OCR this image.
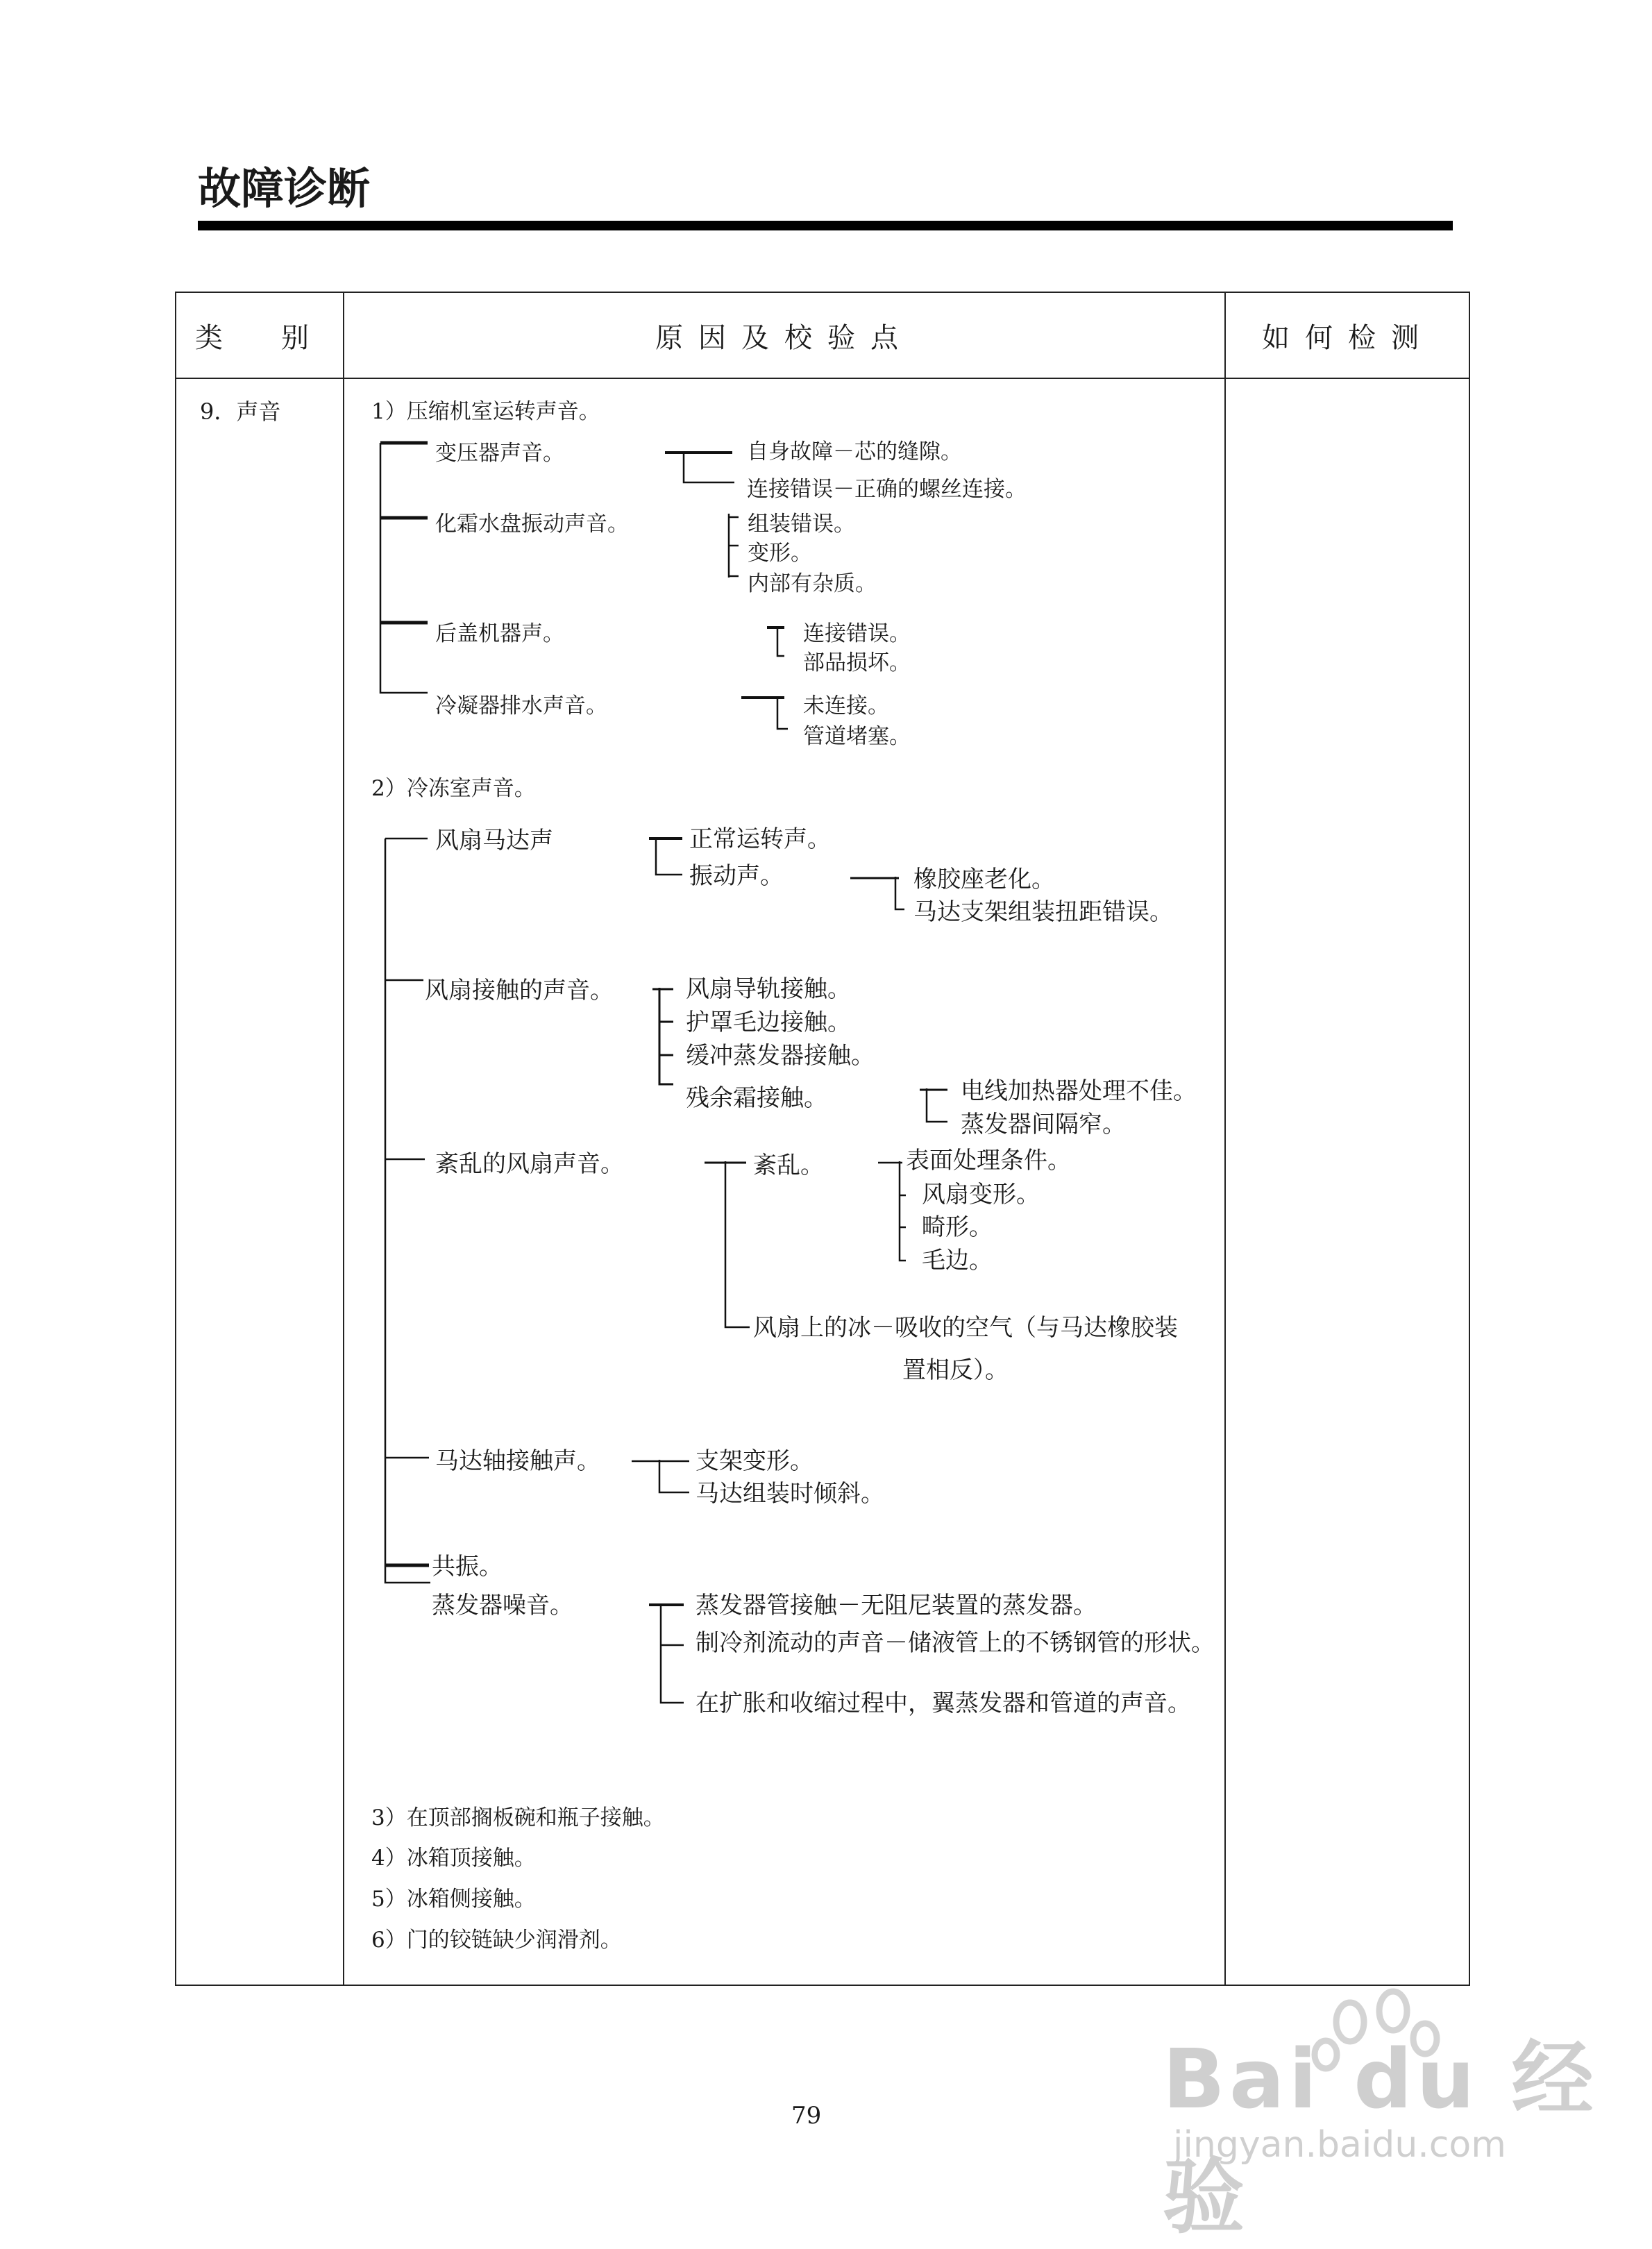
故障诊断
类　别	原因及校验点	如何检测
9．声音	1）压缩机室运转声音。
变压器声音。	自身故障－芯的缝隙。
连接错误－正确的螺丝连接。
化霜水盘振动声音。	组装错误。
变形。
内部有杂质。
后盖机器声。	连接错误。
部品损坏。
冷凝器排水声音。	未连接。
管道堵塞。
2）冷冻室声音。
风扇马达声	正常运转声。
振动声。	橡胶座老化。
马达支架组装扭距错误。
风扇接触的声音。	风扇导轨接触。
护罩毛边接触。
缓冲蒸发器接触。
残余霜接触。	电线加热器处理不佳。
蒸发器间隔窄。
紊乱的风扇声音。	紊乱。	表面处理条件。
风扇变形。
畸形。
毛边。
风扇上的冰－吸收的空气（与马达橡胶装
置相反）。
马达轴接触声。	支架变形。
马达组装时倾斜。
共振。
蒸发器噪音。	蒸发器管接触－无阻尼装置的蒸发器。
制冷剂流动的声音－储液管上的不锈钢管的形状。
在扩胀和收缩过程中，翼蒸发器和管道的声音。
3）在顶部搁板碗和瓶子接触。
4）冰箱顶接触。
5）冰箱侧接触。
6）门的铰链缺少润滑剂。
79	Bai du 经验
jingyan.baidu.com
